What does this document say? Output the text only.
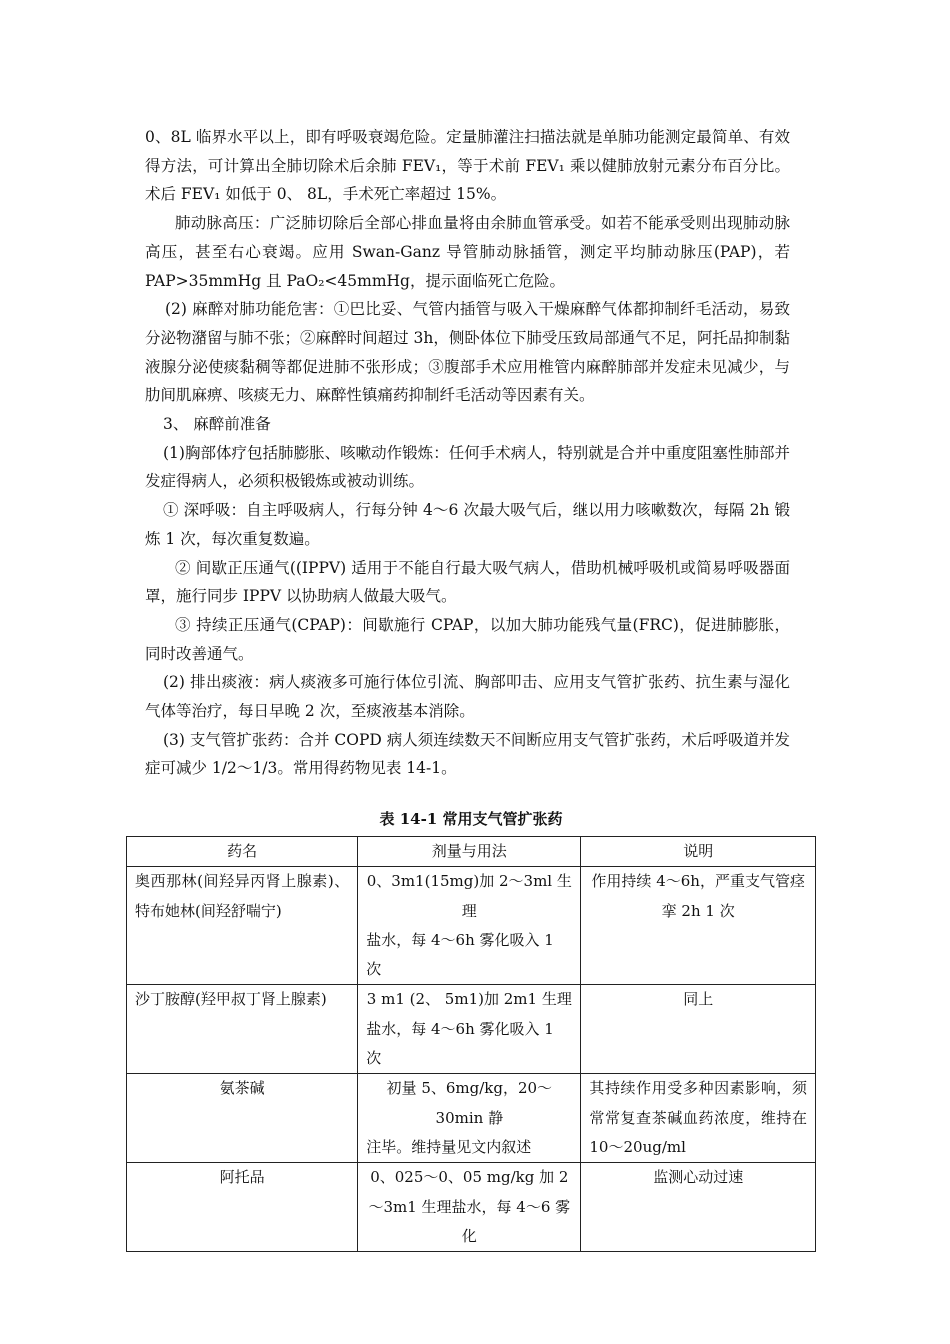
0、8L 临界水平以上，即有呼吸衰竭危险。定量肺灌注扫描法就是单肺功能测定最简单、有效得方法，可计算出全肺切除术后余肺 FEV₁，等于术前 FEV₁ 乘以健肺放射元素分布百分比。术后 FEV₁ 如低于 0、 8L，手术死亡率超过 15%。

肺动脉高压：广泛肺切除后全部心排血量将由余肺血管承受。如若不能承受则出现肺动脉高压，甚至右心衰竭。应用 Swan-Ganz 导管肺动脉插管，测定平均肺动脉压(PAP)，若 PAP>35mmHg 且 PaO₂<45mmHg，提示面临死亡危险。

(2) 麻醉对肺功能危害：①巴比妥、气管内插管与吸入干燥麻醉气体都抑制纤毛活动，易致分泌物潴留与肺不张；②麻醉时间超过 3h，侧卧体位下肺受压致局部通气不足，阿托品抑制黏液腺分泌使痰黏稠等都促进肺不张形成；③腹部手术应用椎管内麻醉肺部并发症未见减少，与肋间肌麻痹、咳痰无力、麻醉性镇痛药抑制纤毛活动等因素有关。

3、 麻醉前准备

(1)胸部体疗包括肺膨胀、咳嗽动作锻炼：任何手术病人，特别就是合并中重度阻塞性肺部并发症得病人，必须积极锻炼或被动训练。

① 深呼吸：自主呼吸病人，行每分钟 4～6 次最大吸气后，继以用力咳嗽数次，每隔 2h 锻炼 1 次，每次重复数遍。

② 间歇正压通气((IPPV) 适用于不能自行最大吸气病人，借助机械呼吸机或简易呼吸器面罩，施行同步 IPPV 以协助病人做最大吸气。

③ 持续正压通气(CPAP)：间歇施行 CPAP，以加大肺功能残气量(FRC)，促进肺膨胀，同时改善通气。

(2) 排出痰液：病人痰液多可施行体位引流、胸部叩击、应用支气管扩张药、抗生素与湿化气体等治疗，每日早晚 2 次，至痰液基本消除。

(3) 支气管扩张药：合并 COPD 病人须连续数天不间断应用支气管扩张药，术后呼吸道并发症可减少 1/2～1/3。常用得药物见表 14-1。

表 14-1 常用支气管扩张药
药名	剂量与用法	说明
奥西那林(间羟异丙肾上腺素)、特布她林(间羟舒喘宁)	0、3m1(15mg)加 2～3ml 生理
盐水，每 4～6h 雾化吸入 1 次	作用持续 4～6h，严重支气管痉挛 2h 1 次
沙丁胺醇(羟甲叔丁肾上腺素)	3 m1 (2、 5m1)加 2m1 生理
盐水，每 4～6h 雾化吸入 1 次	同上
氨茶碱	初量 5、6mg/kg，20～30min 静
注毕。维持量见文内叙述	其持续作用受多种因素影响，须常常复查茶碱血药浓度，维持在 10～20ug/ml
阿托品	0、025～0、05 mg/kg 加 2～3m1 生理盐水，每 4～6 雾化	监测心动过速
